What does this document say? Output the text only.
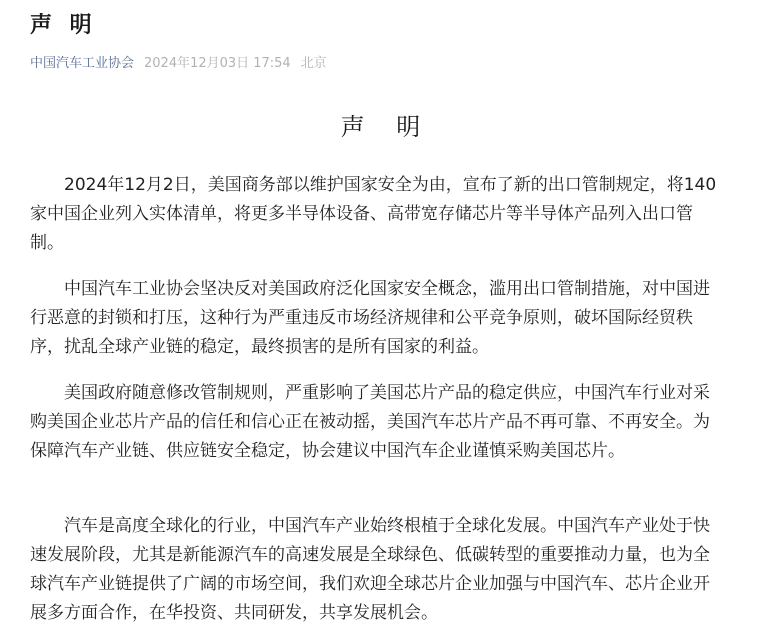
声 明
中国汽车工业协会 2024年12月03日 17:54 北京
声 明

2024年12月2日，美国商务部以维护国家安全为由，宣布了新的出口管制规定，将140家中国企业列入实体清单，将更多半导体设备、高带宽存储芯片等半导体产品列入出口管制。

中国汽车工业协会坚决反对美国政府泛化国家安全概念，滥用出口管制措施，对中国进行恶意的封锁和打压，这种行为严重违反市场经济规律和公平竞争原则，破坏国际经贸秩序，扰乱全球产业链的稳定，最终损害的是所有国家的利益。

美国政府随意修改管制规则，严重影响了美国芯片产品的稳定供应，中国汽车行业对采购美国企业芯片产品的信任和信心正在被动摇，美国汽车芯片产品不再可靠、不再安全。为保障汽车产业链、供应链安全稳定，协会建议中国汽车企业谨慎采购美国芯片。

汽车是高度全球化的行业，中国汽车产业始终根植于全球化发展。中国汽车产业处于快速发展阶段，尤其是新能源汽车的高速发展是全球绿色、低碳转型的重要推动力量，也为全球汽车产业链提供了广阔的市场空间，我们欢迎全球芯片企业加强与中国汽车、芯片企业开展多方面合作，在华投资、共同研发，共享发展机会。
